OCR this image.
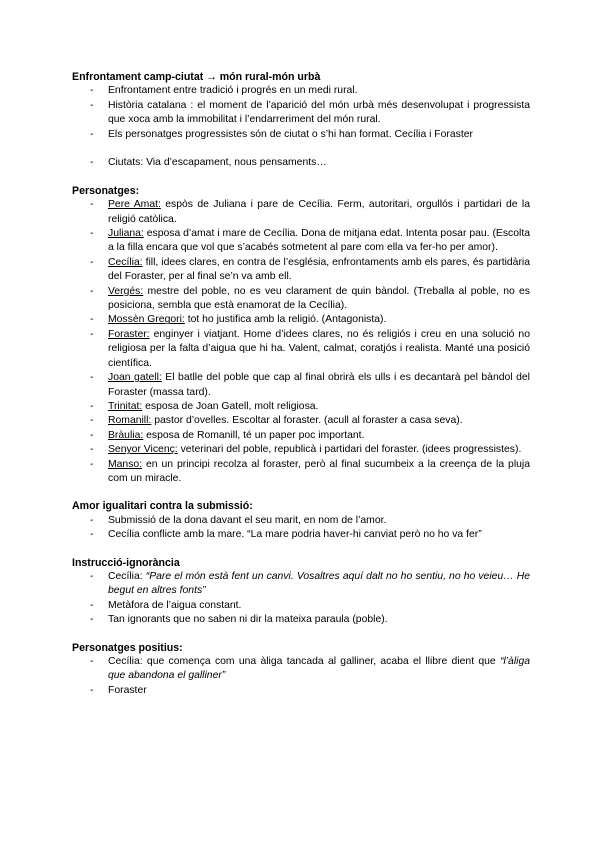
Enfrontament camp-ciutat → món rural-món urbà
- Enfrontament entre tradició i progrés en un medi rural.
- Història catalana : el moment de l’aparició del món urbà més desenvolupat i progressista que xoca amb la immobilitat i l’endarreriment del món rural.
- Els personatges progressistes són de ciutat o s’hi han format. Cecília i Foraster
- Ciutats: Via d’escapament, nous pensaments…
Personatges:
- Pere Amat: espòs de Juliana i pare de Cecília. Ferm, autoritari, orgullós i partidari de la religió catòlica.
- Juliana: esposa d’amat i mare de Cecília. Dona de mitjana edat. Intenta posar pau. (Escolta a la filla encara que vol que s’acabés sotmetent al pare com ella va fer-ho per amor).
- Cecília: fill, idees clares, en contra de l’església, enfrontaments amb els pares, és partidària del Foraster, per al final se’n va amb ell.
- Vergés: mestre del poble, no es veu clarament de quin bàndol. (Treballa al poble, no es posiciona, sembla que està enamorat de la Cecília).
- Mossèn Gregori: tot ho justifica amb la religió. (Antagonista).
- Foraster: enginyer i viatjant. Home d’idees clares, no és religiós i creu en una solució no religiosa per la falta d’aigua que hi ha. Valent, calmat, coratjós i realista. Manté una posició científica.
- Joan gatell: El batlle del poble que cap al final obrirà els ulls i es decantarà pel bàndol del Foraster (massa tard).
- Trinitat: esposa de Joan Gatell, molt religiosa.
- Romanill: pastor d’ovelles. Escoltar al foraster. (acull al foraster a casa seva).
- Bràulia: esposa de Romanill, té un paper poc important.
- Senyor Vicenç: veterinari del poble, republicà i partidari del foraster. (idees progressistes).
- Manso: en un principi recolza al foraster, però al final sucumbeix a la creença de la pluja com un miracle.
Amor igualitari contra la submissió:
- Submissió de la dona davant el seu marit, en nom de l’amor.
- Cecília conflicte amb la mare. “La mare podria haver-hi canviat però no ho va fer”
Instrucció-ignorància
- Cecília: “Pare el món està fent un canvi. Vosaltres aquí dalt no ho sentiu, no ho veieu… He begut en altres fonts”
- Metàfora de l’aigua constant.
- Tan ignorants que no saben ni dir la mateixa paraula (poble).
Personatges positius:
- Cecília: que comença com una àliga tancada al galliner, acaba el llibre dient que “l’àliga que abandona el galliner”
- Foraster
